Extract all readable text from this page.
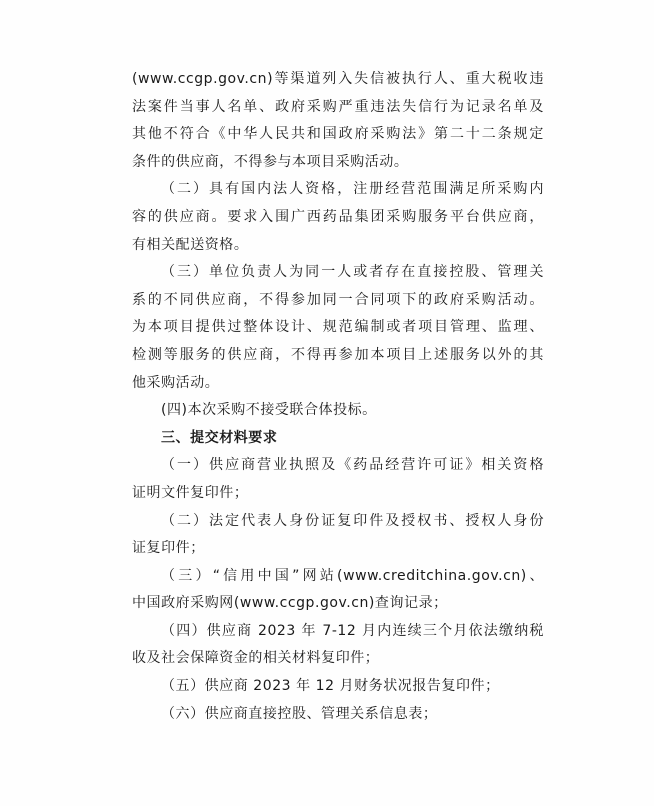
(www.ccgp.gov.cn)等渠道列入失信被执行人、重大税收违
法案件当事人名单、政府采购严重违法失信行为记录名单及
其他不符合《中华人民共和国政府采购法》第二十二条规定
条件的供应商，不得参与本项目采购活动。
（二）具有国内法人资格，注册经营范围满足所采购内
容的供应商。要求入围广西药品集团采购服务平台供应商，
有相关配送资格。
（三）单位负责人为同一人或者存在直接控股、管理关
系的不同供应商，不得参加同一合同项下的政府采购活动。
为本项目提供过整体设计、规范编制或者项目管理、监理、
检测等服务的供应商，不得再参加本项目上述服务以外的其
他采购活动。
(四)本次采购不接受联合体投标。
三、提交材料要求
（一）供应商营业执照及《药品经营许可证》相关资格
证明文件复印件；
（二）法定代表人身份证复印件及授权书、授权人身份
证复印件；
（三）“信用中国”网站(www.creditchina.gov.cn)、
中国政府采购网(www.ccgp.gov.cn)查询记录；
（四）供应商 2023 年 7-12 月内连续三个月依法缴纳税
收及社会保障资金的相关材料复印件；
（五）供应商 2023 年 12 月财务状况报告复印件；
（六）供应商直接控股、管理关系信息表；
